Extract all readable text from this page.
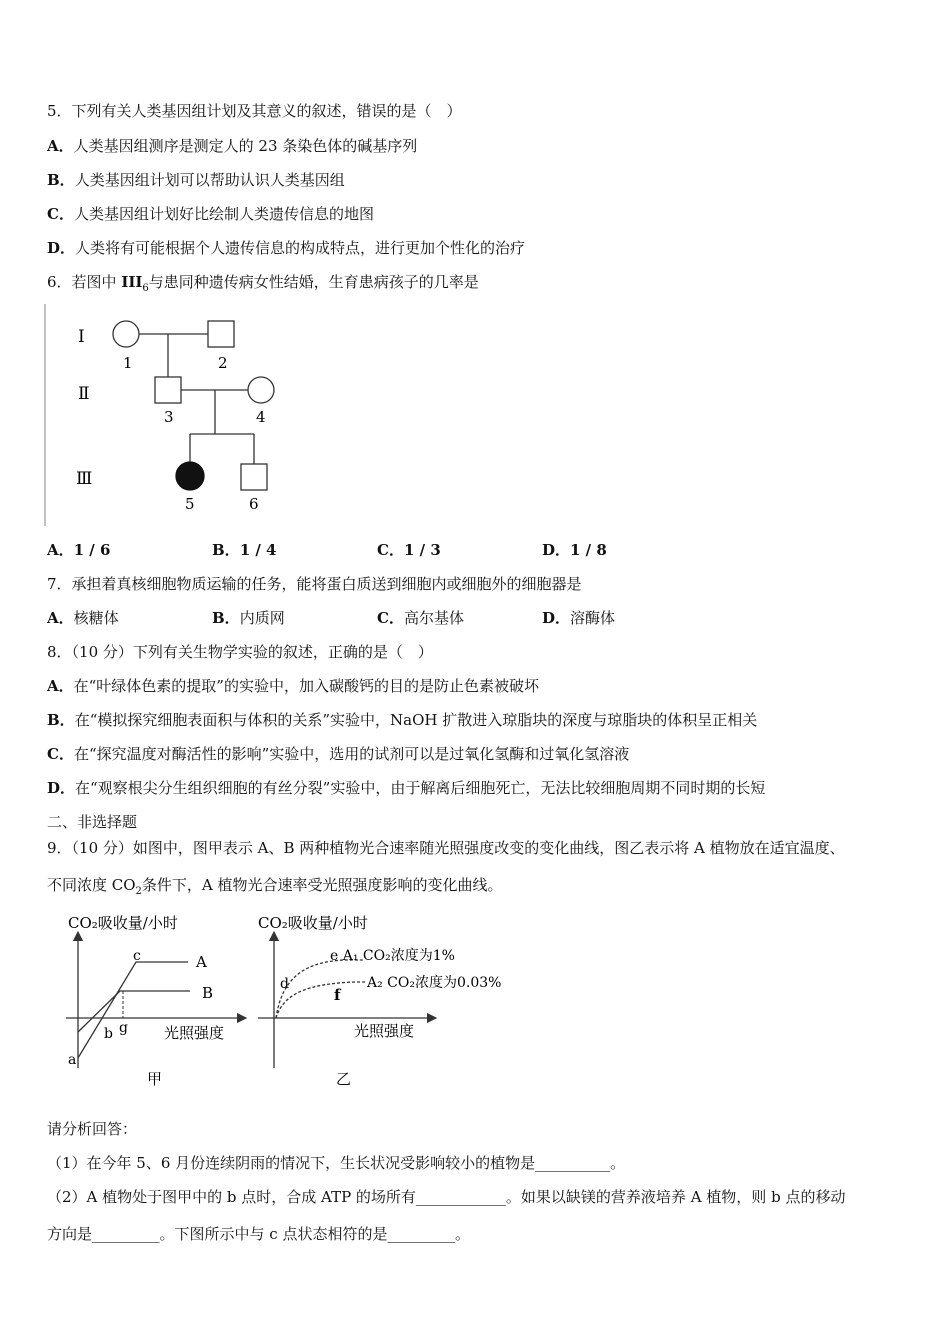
5．下列有关人类基因组计划及其意义的叙述，错误的是（　）
A．人类基因组测序是测定人的 23 条染色体的碱基序列
B．人类基因组计划可以帮助认识人类基因组
C．人类基因组计划好比绘制人类遗传信息的地图
D．人类将有可能根据个人遗传信息的构成特点，进行更加个性化的治疗
6．若图中 $III_6$与患同种遗传病女性结婚，生育患病孩子的几率是
Ⅰ
Ⅱ
Ⅲ
1	2
3	4
5	6
A．1 / 6	B．1 / 4	C．1 / 3	D．1 / 8
7．承担着真核细胞物质运输的任务，能将蛋白质送到细胞内或细胞外的细胞器是
A．核糖体	B．内质网	C．高尔基体	D．溶酶体
8．（10 分）下列有关生物学实验的叙述，正确的是（　）
A．在“叶绿体色素的提取”的实验中，加入碳酸钙的目的是防止色素被破坏
B．在“模拟探究细胞表面积与体积的关系”实验中，NaOH 扩散进入琼脂块的深度与琼脂块的体积呈正相关
C．在“探究温度对酶活性的影响”实验中，选用的试剂可以是过氧化氢酶和过氧化氢溶液
D．在“观察根尖分生组织细胞的有丝分裂”实验中，由于解离后细胞死亡，无法比较细胞周期不同时期的长短
二、非选择题
9．（10 分）如图中，图甲表示 A、B 两种植物光合速率随光照强度改变的变化曲线，图乙表示将 A 植物放在适宜温度、
不同浓度 $CO_2$条件下，A 植物光合速率受光照强度影响的变化曲线。
CO₂吸收量/小时
光照强度
A
B
a
b
c
g
甲
CO₂吸收量/小时
光照强度
e A₁ CO₂浓度为1%
A₂ CO₂浓度为0.03%
d
f
乙
请分析回答：
（1）在今年 5、6 月份连续阴雨的情况下，生长状况受影响较小的植物是__________。
（2）A 植物处于图甲中的 b 点时，合成 ATP 的场所有____________。如果以缺镁的营养液培养 A 植物，则 b 点的移动
方向是_________。下图所示中与 c 点状态相符的是_________。
